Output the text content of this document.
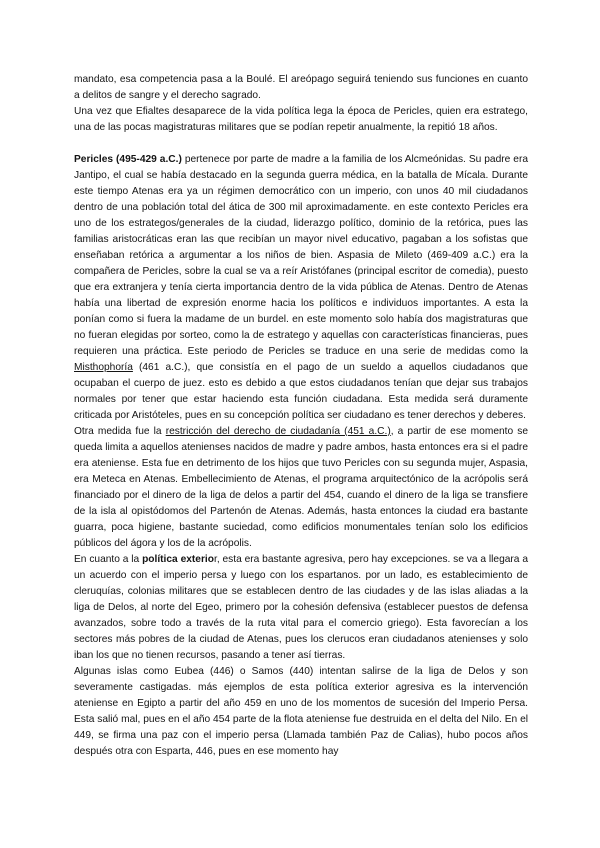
mandato, esa competencia pasa a la Boulé. El areópago seguirá teniendo sus funciones en cuanto a delitos de sangre y el derecho sagrado.

Una vez que Efialtes desaparece de la vida política lega la época de Pericles, quien era estratego, una de las pocas magistraturas militares que se podían repetir anualmente, la repitió 18 años.

Pericles (495-429 a.C.) pertenece por parte de madre a la familia de los Alcmeónidas. Su padre era Jantipo, el cual se había destacado en la segunda guerra médica, en la batalla de Mícala. Durante este tiempo Atenas era ya un régimen democrático con un imperio, con unos 40 mil ciudadanos dentro de una población total del ática de 300 mil aproximadamente. en este contexto Pericles era uno de los estrategos/generales de la ciudad, liderazgo político, dominio de la retórica, pues las familias aristocráticas eran las que recibían un mayor nivel educativo, pagaban a los sofistas que enseñaban retórica a argumentar a los niños de bien. Aspasia de Mileto (469-409 a.C.) era la compañera de Pericles, sobre la cual se va a reír Aristófanes (principal escritor de comedia), puesto que era extranjera y tenía cierta importancia dentro de la vida pública de Atenas. Dentro de Atenas había una libertad de expresión enorme hacia los políticos e individuos importantes. A esta la ponían como si fuera la madame de un burdel. en este momento solo había dos magistraturas que no fueran elegidas por sorteo, como la de estratego y aquellas con características financieras, pues requieren una práctica. Este periodo de Pericles se traduce en una serie de medidas como la Misthophoría (461 a.C.), que consistía en el pago de un sueldo a aquellos ciudadanos que ocupaban el cuerpo de juez. esto es debido a que estos ciudadanos tenían que dejar sus trabajos normales por tener que estar haciendo esta función ciudadana. Esta medida será duramente criticada por Aristóteles, pues en su concepción política ser ciudadano es tener derechos y deberes.

Otra medida fue la restricción del derecho de ciudadanía (451 a.C.), a partir de ese momento se queda limita a aquellos atenienses nacidos de madre y padre ambos, hasta entonces era si el padre era ateniense. Esta fue en detrimento de los hijos que tuvo Pericles con su segunda mujer, Aspasia, era Meteca en Atenas. Embellecimiento de Atenas, el programa arquitectónico de la acrópolis será financiado por el dinero de la liga de delos a partir del 454, cuando el dinero de la liga se transfiere de la isla al opistódomos del Partenón de Atenas. Además, hasta entonces la ciudad era bastante guarra, poca higiene, bastante suciedad, como edificios monumentales tenían solo los edificios públicos del ágora y los de la acrópolis.

En cuanto a la política exterior, esta era bastante agresiva, pero hay excepciones. se va a llegara a un acuerdo con el imperio persa y luego con los espartanos. por un lado, es establecimiento de cleruquías, colonias militares que se establecen dentro de las ciudades y de las islas aliadas a la liga de Delos, al norte del Egeo, primero por la cohesión defensiva (establecer puestos de defensa avanzados, sobre todo a través de la ruta vital para el comercio griego). Esta favorecían a los sectores más pobres de la ciudad de Atenas, pues los clerucos eran ciudadanos atenienses y solo iban los que no tienen recursos, pasando a tener así tierras.

Algunas islas como Eubea (446) o Samos (440) intentan salirse de la liga de Delos y son severamente castigadas. más ejemplos de esta política exterior agresiva es la intervención ateniense en Egipto a partir del año 459 en uno de los momentos de sucesión del Imperio Persa. Esta salió mal, pues en el año 454 parte de la flota ateniense fue destruida en el delta del Nilo. En el 449, se firma una paz con el imperio persa (Llamada también Paz de Calias), hubo pocos años después otra con Esparta, 446, pues en ese momento hay
